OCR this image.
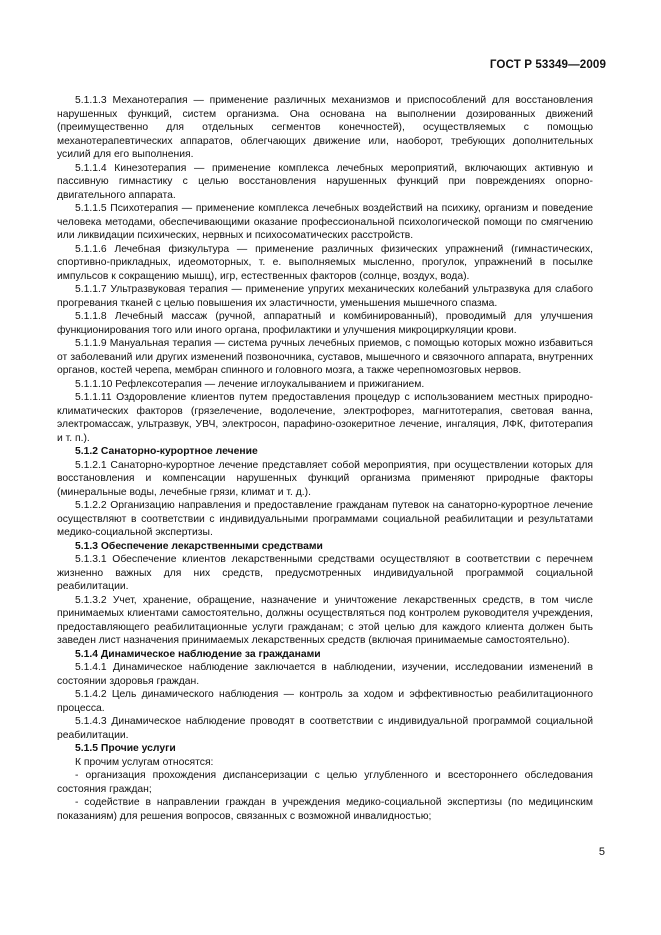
ГОСТ Р 53349—2009

5.1.1.3 Механотерапия — применение различных механизмов и приспособлений для восстановления нарушенных функций, систем организма. Она основана на выполнении дозированных движений (преимущественно для отдельных сегментов конечностей), осуществляемых с помощью механотерапевтических аппаратов, облегчающих движение или, наоборот, требующих дополнительных усилий для его выполнения.

5.1.1.4 Кинезотерапия — применение комплекса лечебных мероприятий, включающих активную и пассивную гимнастику с целью восстановления нарушенных функций при повреждениях опорно-двигательного аппарата.

5.1.1.5 Психотерапия — применение комплекса лечебных воздействий на психику, организм и поведение человека методами, обеспечивающими оказание профессиональной психологической помощи по смягчению или ликвидации психических, нервных и психосоматических расстройств.

5.1.1.6 Лечебная физкультура — применение различных физических упражнений (гимнастических, спортивно-прикладных, идеомоторных, т. е. выполняемых мысленно, прогулок, упражнений в посылке импульсов к сокращению мышц), игр, естественных факторов (солнце, воздух, вода).

5.1.1.7 Ультразвуковая терапия — применение упругих механических колебаний ультразвука для слабого прогревания тканей с целью повышения их эластичности, уменьшения мышечного спазма.

5.1.1.8 Лечебный массаж (ручной, аппаратный и комбинированный), проводимый для улучшения функционирования того или иного органа, профилактики и улучшения микроциркуляции крови.

5.1.1.9 Мануальная терапия — система ручных лечебных приемов, с помощью которых можно избавиться от заболеваний или других изменений позвоночника, суставов, мышечного и связочного аппарата, внутренних органов, костей черепа, мембран спинного и головного мозга, а также черепномозговых нервов.

5.1.1.10 Рефлексотерапия — лечение иглоукалыванием и прижиганием.

5.1.1.11 Оздоровление клиентов путем предоставления процедур с использованием местных природно-климатических факторов (грязелечение, водолечение, электрофорез, магнитотерапия, световая ванна, электромассаж, ультразвук, УВЧ, электросон, парафино-озокеритное лечение, ингаляция, ЛФК, фитотерапия и т. п.).

5.1.2 Санаторно-курортное лечение

5.1.2.1 Санаторно-курортное лечение представляет собой мероприятия, при осуществлении которых для восстановления и компенсации нарушенных функций организма применяют природные факторы (минеральные воды, лечебные грязи, климат и т. д.).

5.1.2.2 Организацию направления и предоставление гражданам путевок на санаторно-курортное лечение осуществляют в соответствии с индивидуальными программами социальной реабилитации и результатами медико-социальной экспертизы.

5.1.3 Обеспечение лекарственными средствами

5.1.3.1 Обеспечение клиентов лекарственными средствами осуществляют в соответствии с перечнем жизненно важных для них средств, предусмотренных индивидуальной программой социальной реабилитации.

5.1.3.2 Учет, хранение, обращение, назначение и уничтожение лекарственных средств, в том числе принимаемых клиентами самостоятельно, должны осуществляться под контролем руководителя учреждения, предоставляющего реабилитационные услуги гражданам; с этой целью для каждого клиента должен быть заведен лист назначения принимаемых лекарственных средств (включая принимаемые самостоятельно).

5.1.4 Динамическое наблюдение за гражданами

5.1.4.1 Динамическое наблюдение заключается в наблюдении, изучении, исследовании изменений в состоянии здоровья граждан.

5.1.4.2 Цель динамического наблюдения — контроль за ходом и эффективностью реабилитационного процесса.

5.1.4.3 Динамическое наблюдение проводят в соответствии с индивидуальной программой социальной реабилитации.

5.1.5 Прочие услуги

К прочим услугам относятся:

- организация прохождения диспансеризации с целью углубленного и всестороннего обследования состояния граждан;

- содействие в направлении граждан в учреждения медико-социальной экспертизы (по медицинским показаниям) для решения вопросов, связанных с возможной инвалидностью;

5
